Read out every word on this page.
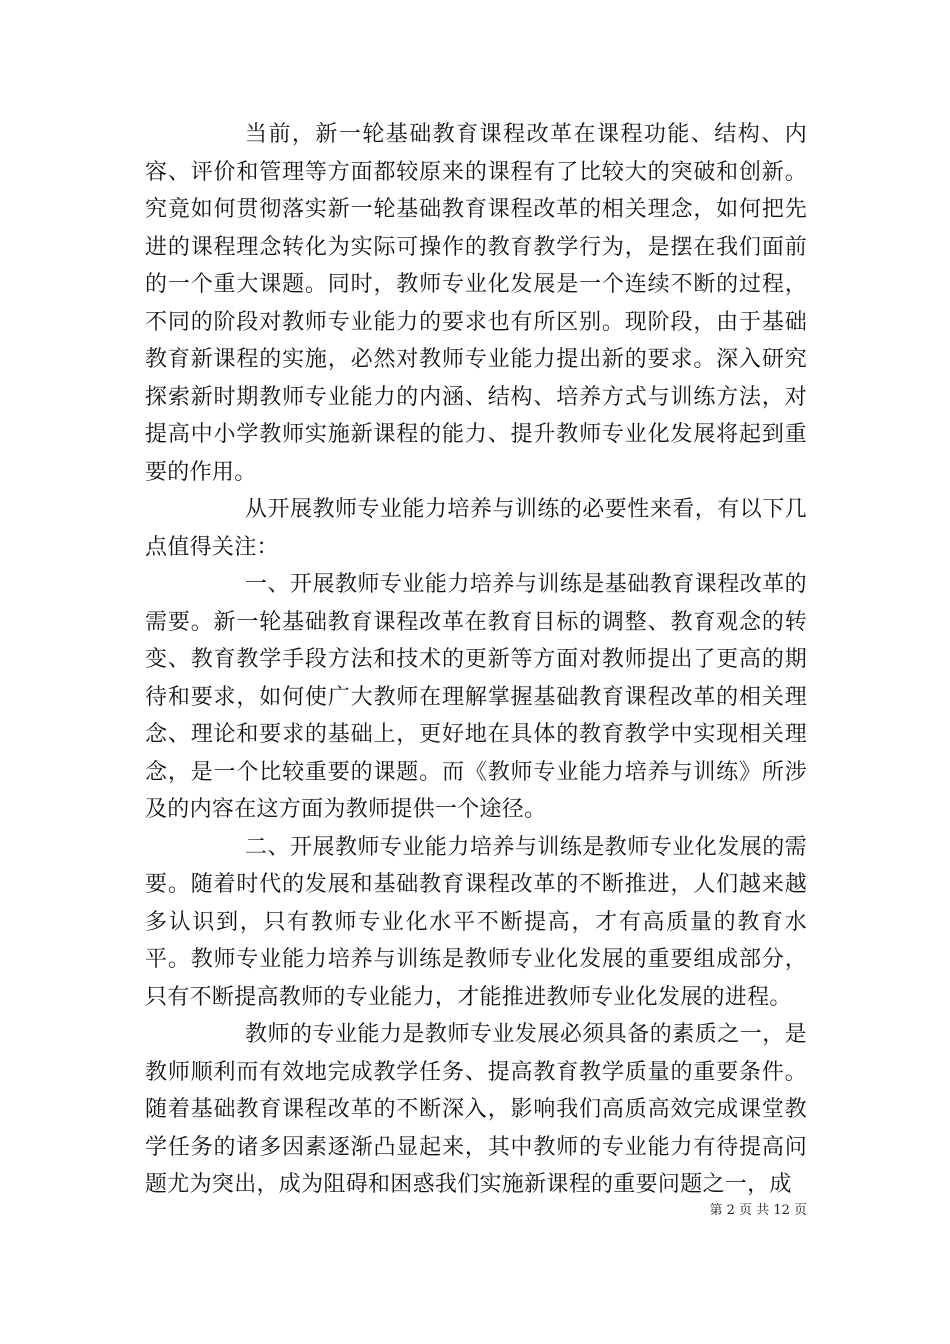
当前，新一轮基础教育课程改革在课程功能、结构、内容、评价和管理等方面都较原来的课程有了比较大的突破和创新。究竟如何贯彻落实新一轮基础教育课程改革的相关理念，如何把先进的课程理念转化为实际可操作的教育教学行为，是摆在我们面前的一个重大课题。同时，教师专业化发展是一个连续不断的过程，不同的阶段对教师专业能力的要求也有所区别。现阶段，由于基础教育新课程的实施，必然对教师专业能力提出新的要求。深入研究探索新时期教师专业能力的内涵、结构、培养方式与训练方法，对提高中小学教师实施新课程的能力、提升教师专业化发展将起到重要的作用。

从开展教师专业能力培养与训练的必要性来看，有以下几点值得关注：

一、开展教师专业能力培养与训练是基础教育课程改革的需要。新一轮基础教育课程改革在教育目标的调整、教育观念的转变、教育教学手段方法和技术的更新等方面对教师提出了更高的期待和要求，如何使广大教师在理解掌握基础教育课程改革的相关理念、理论和要求的基础上，更好地在具体的教育教学中实现相关理念，是一个比较重要的课题。而《教师专业能力培养与训练》所涉及的内容在这方面为教师提供一个途径。

二、开展教师专业能力培养与训练是教师专业化发展的需要。随着时代的发展和基础教育课程改革的不断推进，人们越来越多认识到，只有教师专业化水平不断提高，才有高质量的教育水平。教师专业能力培养与训练是教师专业化发展的重要组成部分，只有不断提高教师的专业能力，才能推进教师专业化发展的进程。

教师的专业能力是教师专业发展必须具备的素质之一，是教师顺利而有效地完成教学任务、提高教育教学质量的重要条件。随着基础教育课程改革的不断深入，影响我们高质高效完成课堂教学任务的诸多因素逐渐凸显起来，其中教师的专业能力有待提高问题尤为突出，成为阻碍和困惑我们实施新课程的重要问题之一，成

第 2 页 共 12 页
